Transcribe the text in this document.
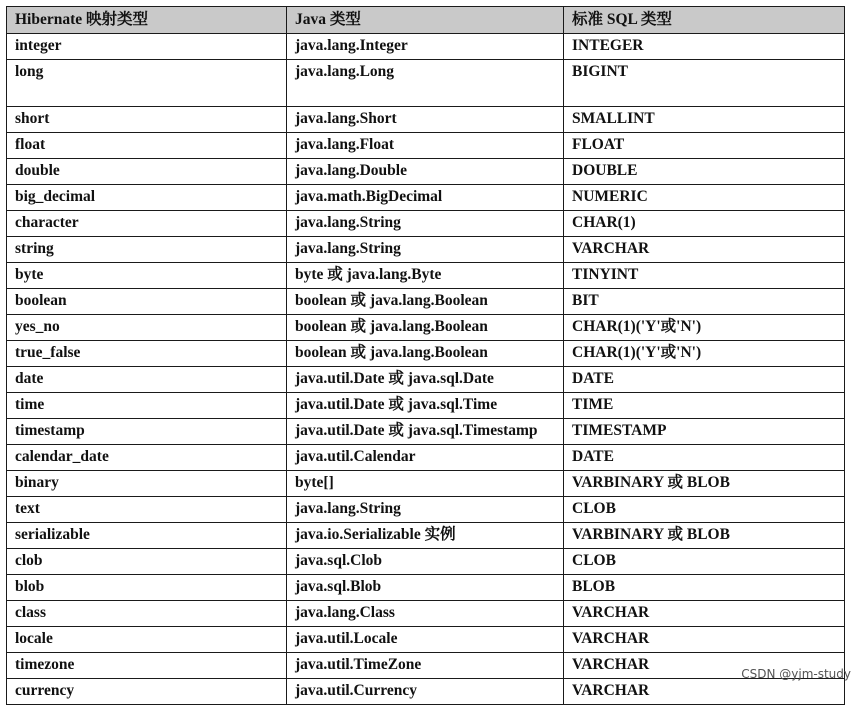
Hibernate 映射类型	Java 类型	标准 SQL 类型
integer	java.lang.Integer	INTEGER
long	java.lang.Long	BIGINT
short	java.lang.Short	SMALLINT
float	java.lang.Float	FLOAT
double	java.lang.Double	DOUBLE
big_decimal	java.math.BigDecimal	NUMERIC
character	java.lang.String	CHAR(1)
string	java.lang.String	VARCHAR
byte	byte 或 java.lang.Byte	TINYINT
boolean	boolean 或 java.lang.Boolean	BIT
yes_no	boolean 或 java.lang.Boolean	CHAR(1)('Y'或'N')
true_false	boolean 或 java.lang.Boolean	CHAR(1)('Y'或'N')
date	java.util.Date 或 java.sql.Date	DATE
time	java.util.Date 或 java.sql.Time	TIME
timestamp	java.util.Date 或 java.sql.Timestamp	TIMESTAMP
calendar_date	java.util.Calendar	DATE
binary	byte[]	VARBINARY 或 BLOB
text	java.lang.String	CLOB
serializable	java.io.Serializable 实例	VARBINARY 或 BLOB
clob	java.sql.Clob	CLOB
blob	java.sql.Blob	BLOB
class	java.lang.Class	VARCHAR
locale	java.util.Locale	VARCHAR
timezone	java.util.TimeZone	VARCHAR
currency	java.util.Currency	VARCHAR
CSDN @yjm-study
